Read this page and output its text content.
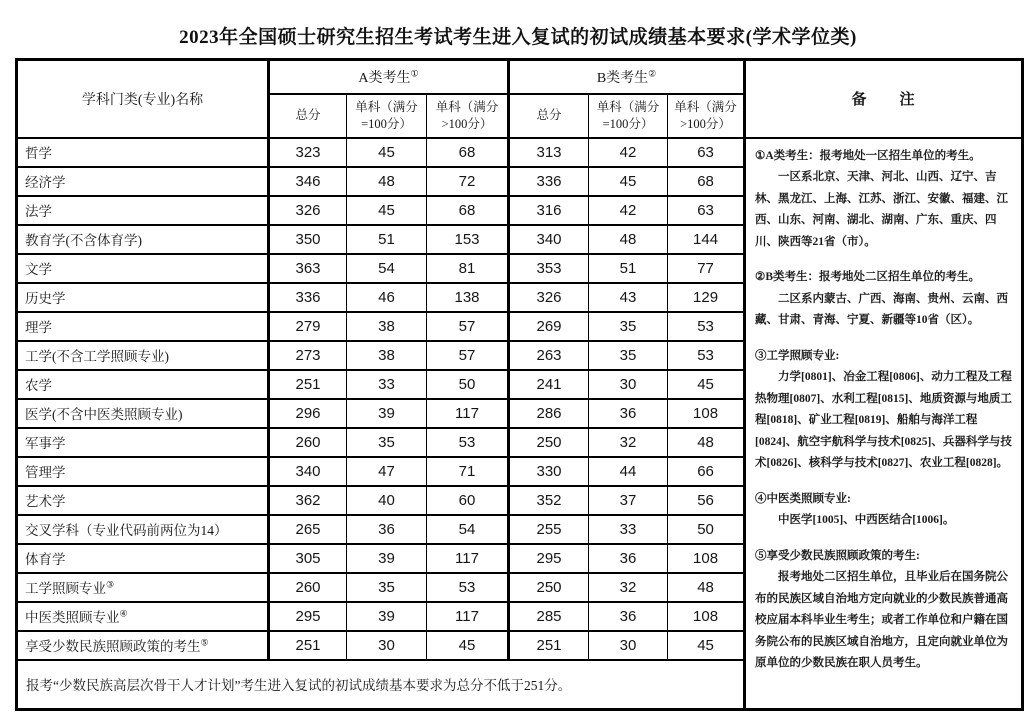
2023年全国硕士研究生招生考试考生进入复试的初试成绩基本要求(学术学位类)
学科门类(专业)名称	A类考生①			B类考生②			备　　注
	总分	单科（满分=100分）	单科（满分>100分）	总分	单科（满分=100分）	单科（满分>100分）	
哲学	323	45	68	313	42	63	①A类考生：报考地处一区招生单位的考生。
一区系北京、天津、河北、山西、辽宁、吉林、黑龙江、上海、江苏、浙江、安徽、福建、江西、山东、河南、湖北、湖南、广东、重庆、四川、陕西等21省（市）。
②B类考生：报考地处二区招生单位的考生。
二区系内蒙古、广西、海南、贵州、云南、西藏、甘肃、青海、宁夏、新疆等10省（区）。
③工学照顾专业:
力学[0801]、冶金工程[0806]、动力工程及工程热物理[0807]、水利工程[0815]、地质资源与地质工程[0818]、矿业工程[0819]、船舶与海洋工程[0824]、航空宇航科学与技术[0825]、兵器科学与技术[0826]、核科学与技术[0827]、农业工程[0828]。
④中医类照顾专业:
中医学[1005]、中西医结合[1006]。
⑤享受少数民族照顾政策的考生:
报考地处二区招生单位，且毕业后在国务院公布的民族区域自治地方定向就业的少数民族普通高校应届本科毕业生考生；或者工作单位和户籍在国务院公布的民族区域自治地方，且定向就业单位为原单位的少数民族在职人员考生。

经济学	346	48	72	336	45	68	
法学	326	45	68	316	42	63	
教育学(不含体育学)	350	51	153	340	48	144	
文学	363	54	81	353	51	77	
历史学	336	46	138	326	43	129	
理学	279	38	57	269	35	53	
工学(不含工学照顾专业)	273	38	57	263	35	53	
农学	251	33	50	241	30	45	
医学(不含中医类照顾专业)	296	39	117	286	36	108	
军事学	260	35	53	250	32	48	
管理学	340	47	71	330	44	66	
艺术学	362	40	60	352	37	56	
交叉学科（专业代码前两位为14）	265	36	54	255	33	50	
体育学	305	39	117	295	36	108	
工学照顾专业③	260	35	53	250	32	48	
中医类照顾专业④	295	39	117	285	36	108	
享受少数民族照顾政策的考生⑤	251	30	45	251	30	45	
报考“少数民族高层次骨干人才计划”考生进入复试的初试成绩基本要求为总分不低于251分。							
